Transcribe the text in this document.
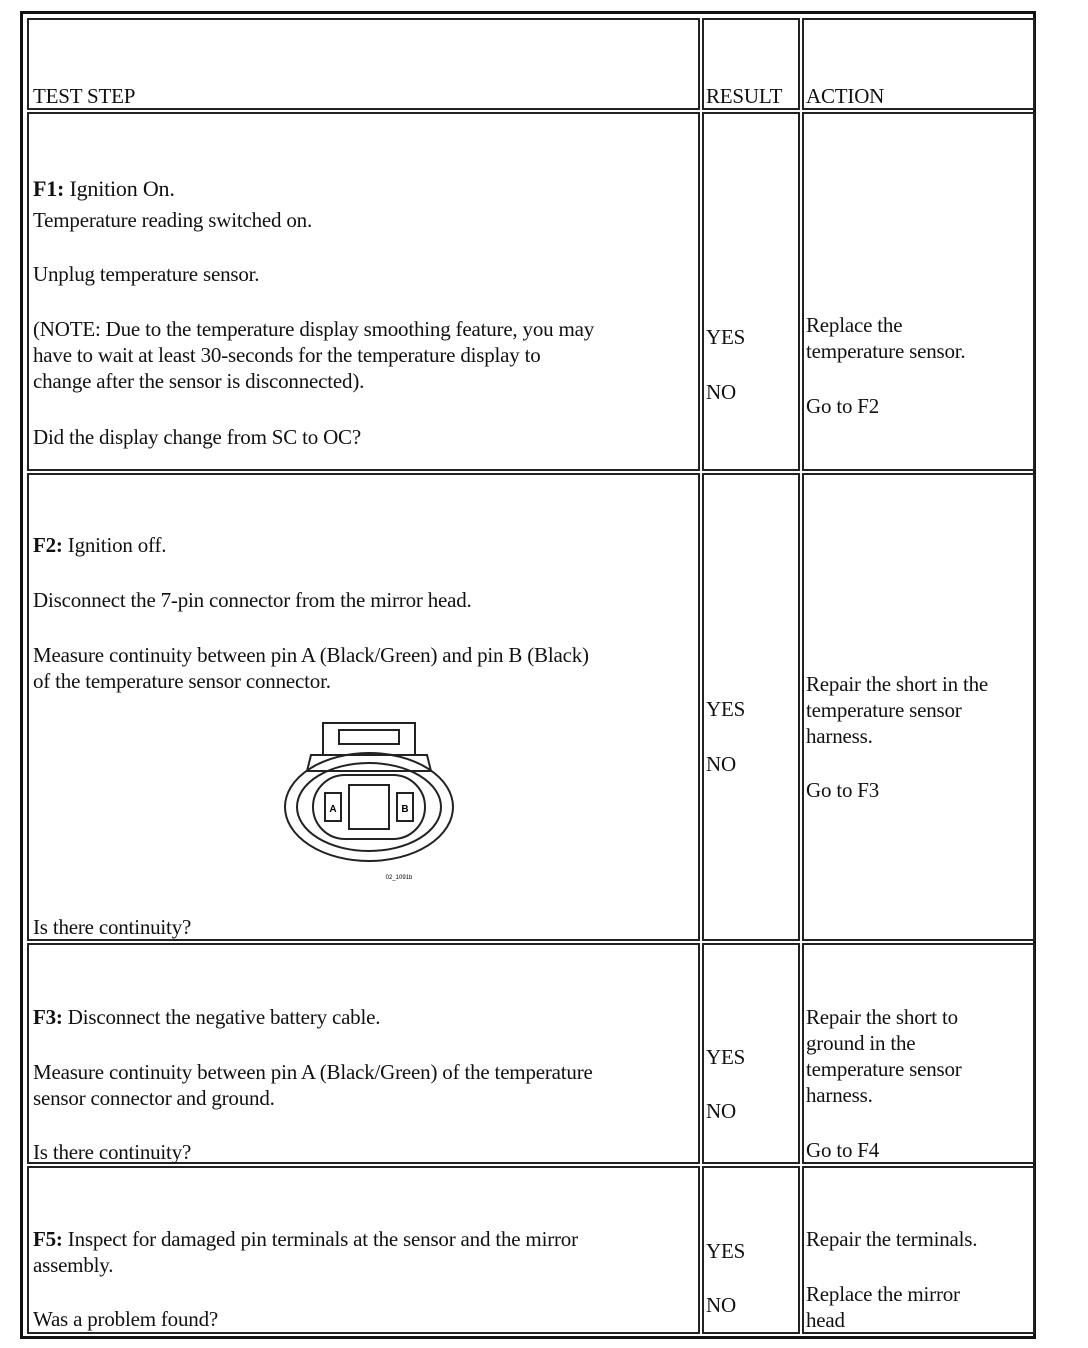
TEST STEP	RESULT ACTION
F1: Ignition On.
Temperature reading switched on.
Unplug temperature sensor.
(NOTE: Due to the temperature display smoothing feature, you may
have to wait at least 30-seconds for the temperature display to
change after the sensor is disconnected).
Did the display change from SC to OC?
YES
NO
Replace the
temperature sensor.
Go to F2
F2: Ignition off.
Disconnect the 7-pin connector from the mirror head.
Measure continuity between pin A (Black/Green) and pin B (Black)
of the temperature sensor connector.
A	B
02_1091b
Is there continuity?
YES
NO
Repair the short in the
temperature sensor
harness.
Go to F3
F3: Disconnect the negative battery cable.
Measure continuity between pin A (Black/Green) of the temperature
sensor connector and ground.
Is there continuity?
YES
NO
Repair the short to
ground in the
temperature sensor
harness.
Go to F4
F5: Inspect for damaged pin terminals at the sensor and the mirror
assembly.
Was a problem found?
YES
NO
Repair the terminals.
Replace the mirror
head
